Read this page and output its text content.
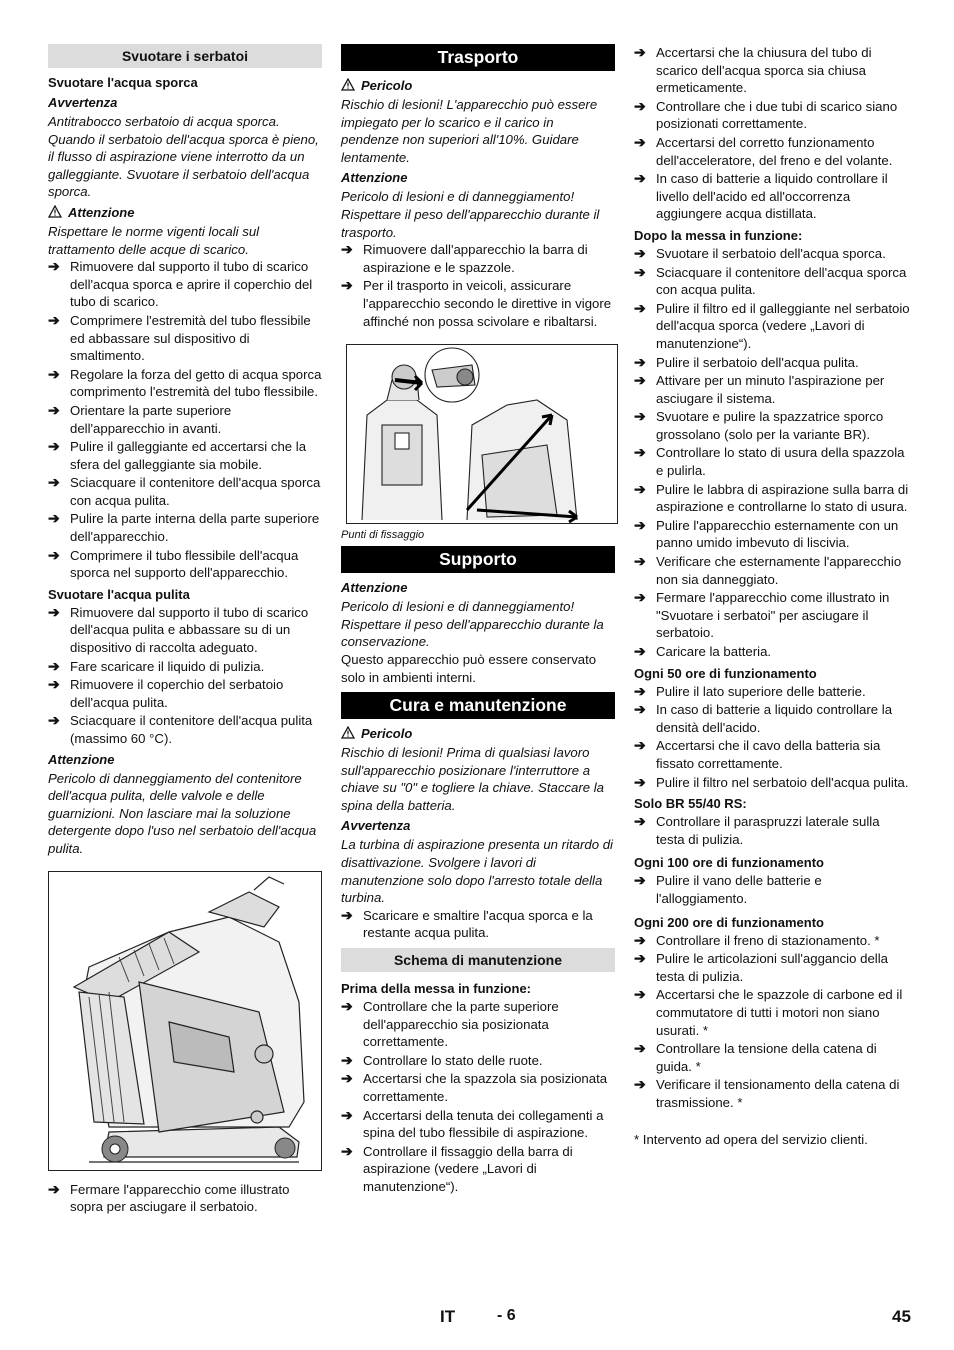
Svuotare i serbatoi
Svuotare l'acqua sporca
Avvertenza

Antitrabocco serbatoio di acqua sporca. Quando il serbatoio dell'acqua sporca è pieno, il flusso di aspirazione viene interrotto da un galleggiante. Svuotare il serbatoio dell'acqua sporca.

Attenzione

Rispettare le norme vigenti locali sul trattamento delle acque di scarico.

➔ Rimuovere dal supporto il tubo di scarico dell'acqua sporca e aprire il coperchio del tubo di scarico.
➔ Comprimere l'estremità del tubo flessibile ed abbassare sul dispositivo di smaltimento.
➔ Regolare la forza del getto di acqua sporca comprimento l'estremità del tubo flessibile.
➔ Orientare la parte superiore dell'apparecchio in avanti.
➔ Pulire il galleggiante ed accertarsi che la sfera del galleggiante sia mobile.
➔ Sciacquare il contenitore dell'acqua sporca con acqua pulita.
➔ Pulire la parte interna della parte superiore dell'apparecchio.
➔ Comprimere il tubo flessibile dell'acqua sporca nel supporto dell'apparecchio.
Svuotare l'acqua pulita
➔ Rimuovere dal supporto il tubo di scarico dell'acqua pulita e abbassare su di un dispositivo di raccolta adeguato.
➔ Fare scaricare il liquido di pulizia.
➔ Rimuovere il coperchio del serbatoio dell'acqua pulita.
➔ Sciacquare il contenitore dell'acqua pulita (massimo 60 °C).
Attenzione

Pericolo di danneggiamento del contenitore dell'acqua pulita, delle valvole e delle guarnizioni. Non lasciare mai la soluzione detergente dopo l'uso nel serbatoio dell'acqua pulita.

➔ Fermare l'apparecchio come illustrato sopra per asciugare il serbatoio.
Trasporto
Pericolo

Rischio di lesioni! L'apparecchio può essere impiegato per lo scarico e il carico in pendenze non superiori all'10%. Guidare lentamente.

Attenzione

Pericolo di lesioni e di danneggiamento! Rispettare il peso dell'apparecchio durante il trasporto.

➔ Rimuovere dall'apparecchio la barra di aspirazione e le spazzole.
➔ Per il trasporto in veicoli, assicurare l'apparecchio secondo le direttive in vigore affinché non possa scivolare e ribaltarsi.
Punti di fissaggio
Supporto
Attenzione

Pericolo di lesioni e di danneggiamento! Rispettare il peso dell'apparecchio durante la conservazione.

Questo apparecchio può essere conservato solo in ambienti interni.

Cura e manutenzione
Pericolo

Rischio di lesioni! Prima di qualsiasi lavoro sull'apparecchio posizionare l'interruttore a chiave su "0" e togliere la chiave. Staccare la spina della batteria.

Avvertenza

La turbina di aspirazione presenta un ritardo di disattivazione. Svolgere i lavori di manutenzione solo dopo l'arresto totale della turbina.

➔ Scaricare e smaltire l'acqua sporca e la restante acqua pulita.
Schema di manutenzione
Prima della messa in funzione:
➔ Controllare che la parte superiore dell'apparecchio sia posizionata correttamente.
➔ Controllare lo stato delle ruote.
➔ Accertarsi che la spazzola sia posizionata correttamente.
➔ Accertarsi della tenuta dei collegamenti a spina del tubo flessibile di aspirazione.
➔ Controllare il fissaggio della barra di aspirazione (vedere „Lavori di manutenzione“).
➔ Accertarsi che la chiusura del tubo di scarico dell'acqua sporca sia chiusa ermeticamente.
➔ Controllare che i due tubi di scarico siano posizionati correttamente.
➔ Accertarsi del corretto funzionamento dell'acceleratore, del freno e del volante.
➔ In caso di batterie a liquido controllare il livello dell'acido ed all'occorrenza aggiungere acqua distillata.
Dopo la messa in funzione:
➔ Svuotare il serbatoio dell'acqua sporca.
➔ Sciacquare il contenitore dell'acqua sporca con acqua pulita.
➔ Pulire il filtro ed il galleggiante nel serbatoio dell'acqua sporca (vedere „Lavori di manutenzione“).
➔ Pulire il serbatoio dell'acqua pulita.
➔ Attivare per un minuto l'aspirazione per asciugare il sistema.
➔ Svuotare e pulire la spazzatrice sporco grossolano (solo per la variante BR).
➔ Controllare lo stato di usura della spazzola e pulirla.
➔ Pulire le labbra di aspirazione sulla barra di aspirazione e controllarne lo stato di usura.
➔ Pulire l'apparecchio esternamente con un panno umido imbevuto di liscivia.
➔ Verificare che esternamente l'apparecchio non sia danneggiato.
➔ Fermare l'apparecchio come illustrato in "Svuotare i serbatoi" per asciugare il serbatoio.
➔ Caricare la batteria.
Ogni 50 ore di funzionamento
➔ Pulire il lato superiore delle batterie.
➔ In caso di batterie a liquido controllare la densità dell'acido.
➔ Accertarsi che il cavo della batteria sia fissato correttamente.
➔ Pulire il filtro nel serbatoio dell'acqua pulita.
Solo BR 55/40 RS:
➔ Controllare il paraspruzzi laterale sulla testa di pulizia.
Ogni 100 ore di funzionamento
➔ Pulire il vano delle batterie e l'alloggiamento.
Ogni 200 ore di funzionamento
➔ Controllare il freno di stazionamento. *
➔ Pulire le articolazioni sull'aggancio della testa di pulizia.
➔ Accertarsi che le spazzole di carbone ed il commutatore di tutti i motori non siano usurati. *
➔ Controllare la tensione della catena di guida. *
➔ Verificare il tensionamento della catena di trasmissione. *

* Intervento ad opera del servizio clienti.

IT	- 6	45
